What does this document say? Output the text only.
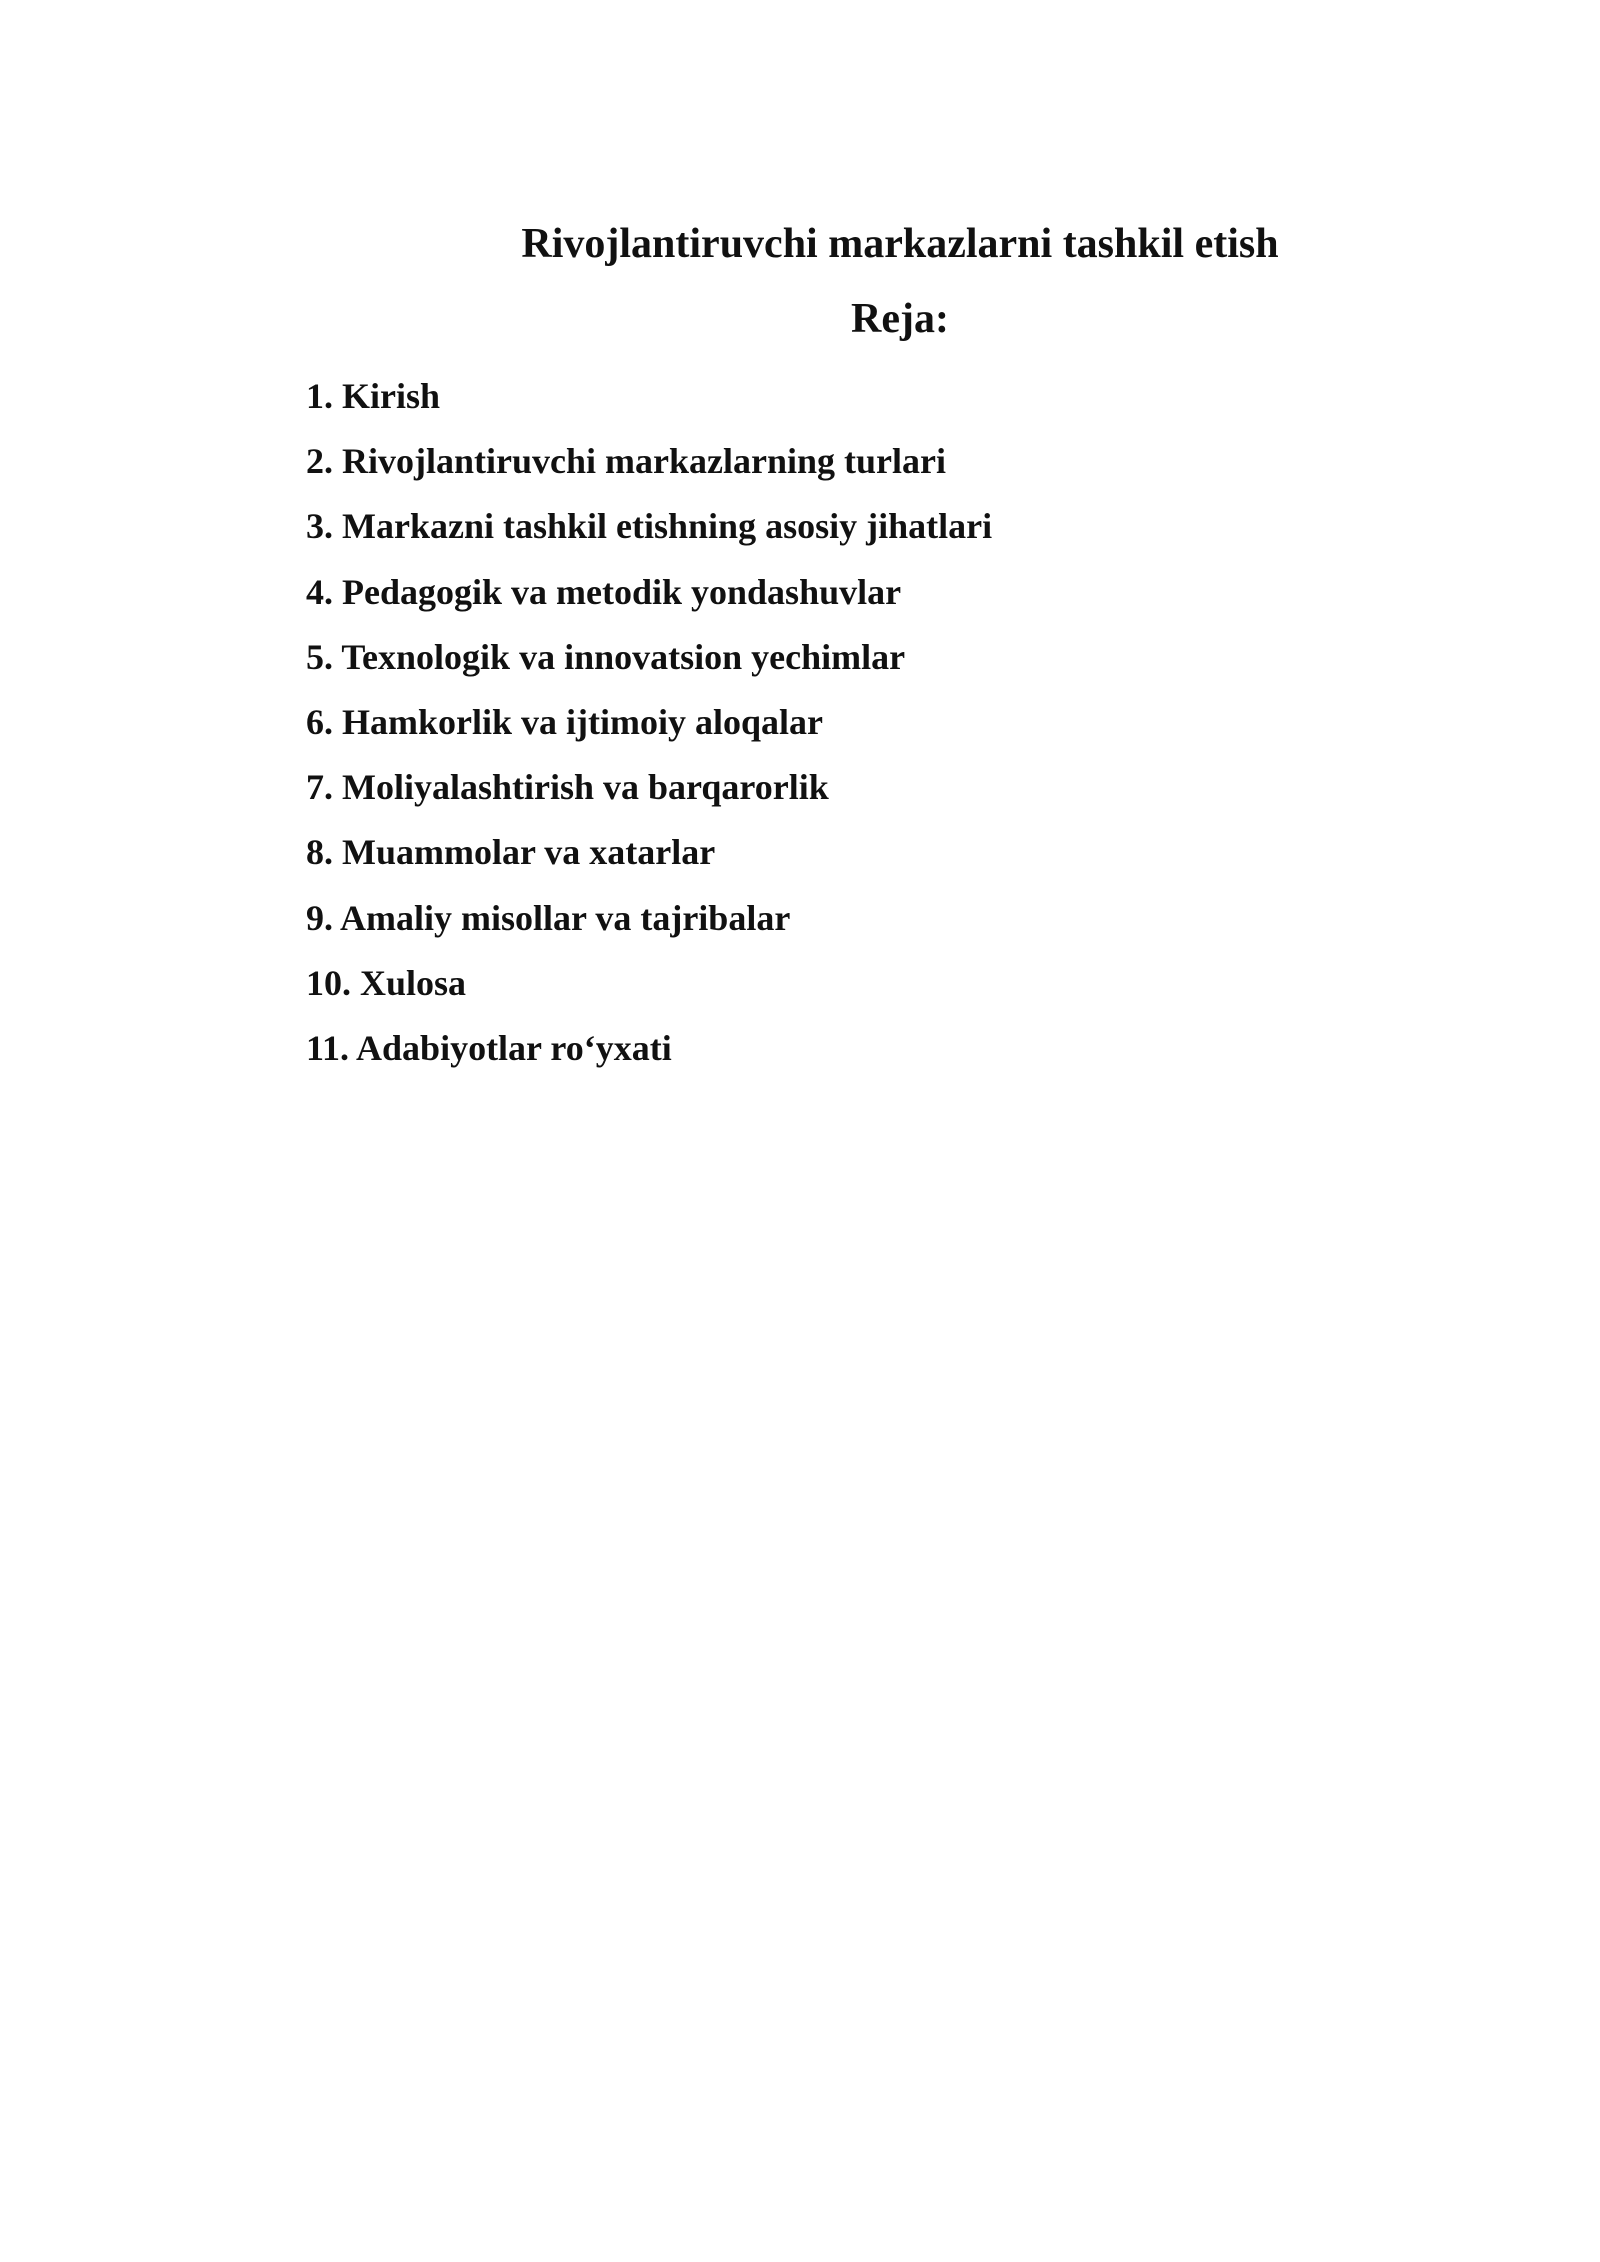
Rivojlantiruvchi markazlarni tashkil etish
Reja:
1. Kirish
2. Rivojlantiruvchi markazlarning turlari
3. Markazni tashkil etishning asosiy jihatlari
4. Pedagogik va metodik yondashuvlar
5. Texnologik va innovatsion yechimlar
6. Hamkorlik va ijtimoiy aloqalar
7. Moliyalashtirish va barqarorlik
8. Muammolar va xatarlar
9. Amaliy misollar va tajribalar
10. Xulosa
11. Adabiyotlar ro‘yxati
